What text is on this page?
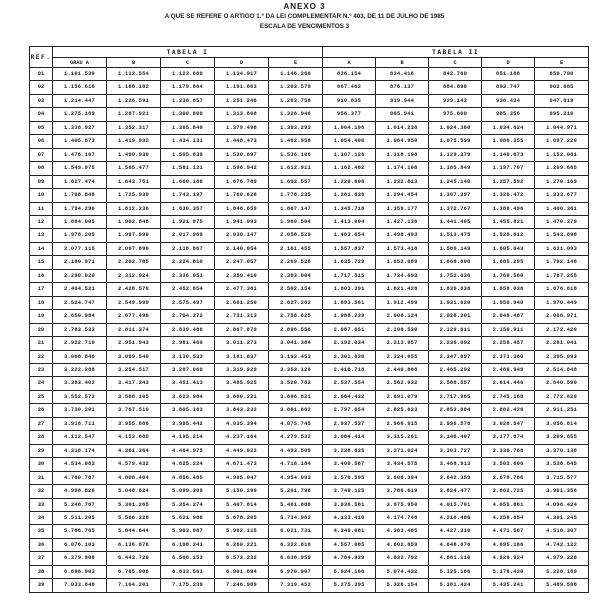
ANEXO 3
A QUE SE REFERE O ARTIGO 1.º DA LEI COMPLEMENTAR N.º 403, DE 11 DE JULHO DE 1985
ESCALA DE VENCIMENTOS 3
REF.	TABELA I					TABELA II				
	GRAU A	B	C	D	E	A	B	C	D	E
01	1.101.539	1.112.554	1.123.680	1.134.917	1.146.266	826.154	834.416	842.760	851.188	859.700
02	1.156.616	1.168.182	1.179.864	1.191.663	1.203.579	867.462	876.137	884.898	893.747	902.685
03	1.214.447	1.226.591	1.238.857	1.251.246	1.263.758	910.835	919.944	929.143	938.434	947.819
04	1.275.169	1.287.921	1.300.800	1.313.808	1.326.946	956.377	965.941	975.600	985.356	995.210
05	1.338.927	1.352.317	1.365.840	1.379.498	1.393.293	1.004.196	1.014.238	1.024.380	1.034.624	1.044.971
06	1.405.873	1.419.932	1.434.131	1.448.473	1.462.958	1.054.406	1.064.950	1.075.599	1.086.355	1.097.220
07	1.476.167	1.490.930	1.505.839	1.520.897	1.536.106	1.107.126	1.118.198	1.129.379	1.140.673	1.152.081
08	1.549.975	1.565.477	1.581.131	1.596.942	1.612.911	1.162.482	1.174.108	1.185.849	1.197.707	1.209.685
09	1.627.474	1.643.751	1.660.188	1.676.789	1.693.557	1.220.606	1.232.813	1.245.140	1.257.592	1.270.169
10	1.708.848	1.725.939	1.743.197	1.760.628	1.778.235	1.281.636	1.294.454	1.307.397	1.320.472	1.333.677
11	1.794.290	1.812.236	1.830.357	1.848.659	1.867.147	1.345.718	1.359.177	1.372.767	1.386.496	1.400.361
12	1.884.005	1.902.848	1.921.875	1.941.093	1.960.504	1.413.004	1.427.136	1.441.405	1.455.821	1.470.379
13	1.978.205	1.997.990	2.017.969	2.038.147	2.058.529	1.483.654	1.498.493	1.513.475	1.528.612	1.543.898
14	2.077.115	2.097.890	2.118.867	2.140.054	2.161.455	1.557.837	1.573.418	1.589.149	1.605.043	1.621.093
15	2.180.971	2.202.785	2.224.810	2.247.057	2.269.528	1.635.729	1.652.089	1.668.606	1.685.295	1.702.148
16	2.290.020	2.312.924	2.336.051	2.359.410	2.383.004	1.717.515	1.734.693	1.752.036	1.769.560	1.787.255
17	2.404.521	2.428.570	2.452.854	2.477.381	2.502.154	1.803.391	1.821.428	1.839.638	1.858.038	1.876.618
18	2.524.747	2.549.999	2.575.497	2.601.250	2.627.262	1.893.561	1.912.499	1.931.620	1.950.940	1.970.449
19	2.650.984	2.677.499	2.704.272	2.731.313	2.758.625	1.988.239	2.008.124	2.028.201	2.048.487	2.068.971
20	2.783.533	2.811.374	2.839.486	2.867.879	2.896.556	2.087.651	2.108.530	2.129.611	2.150.911	2.172.420
21	2.922.710	2.951.943	2.981.460	3.011.273	3.041.384	2.192.034	2.213.957	2.236.092	2.258.457	2.281.041
22	3.068.846	3.099.540	3.130.533	3.161.837	3.193.453	2.301.636	2.324.655	2.347.897	2.371.380	2.395.093
23	3.222.288	3.254.517	3.287.060	3.319.929	3.353.126	2.416.718	2.440.888	2.465.292	2.489.949	2.514.848
24	3.383.402	3.417.243	3.451.413	3.485.925	3.520.782	2.537.554	2.562.932	2.588.557	2.614.446	2.640.590
25	3.552.572	3.588.105	3.623.984	3.660.221	3.696.821	2.664.432	2.691.079	2.717.985	2.745.168	2.772.620
26	3.730.201	3.767.510	3.805.183	3.843.232	3.881.662	2.797.654	2.825.633	2.853.884	2.882.426	2.911.251
27	3.916.711	3.955.886	3.995.442	4.035.394	4.075.745	2.937.537	2.966.915	2.996.578	3.026.547	3.056.814
28	4.112.547	4.153.680	4.195.214	4.237.164	4.279.532	3.084.414	3.115.261	3.146.407	3.177.874	3.209.655
29	4.318.174	4.361.364	4.404.975	4.449.022	4.493.509	3.238.635	3.271.024	3.303.727	3.336.768	3.370.138
30	4.534.083	4.579.432	4.625.224	4.671.473	4.718.184	3.400.567	3.434.575	3.468.913	3.503.606	3.538.645
31	4.760.787	4.808.404	4.856.485	4.905.047	4.954.093	3.570.595	3.606.304	3.642.359	3.678.786	3.715.577
32	4.998.826	5.048.824	5.099.309	5.150.299	5.201.798	3.749.125	3.786.619	3.824.477	3.862.725	3.901.356
33	5.248.767	5.301.265	5.354.274	5.407.814	5.461.888	3.936.581	3.975.950	4.015.701	4.055.861	4.096.424
34	5.511.205	5.566.328	5.621.988	5.678.205	5.734.982	4.133.410	4.174.748	4.216.486	4.258.654	4.301.245
35	5.786.765	5.844.644	5.903.087	5.962.115	6.021.731	4.340.081	4.383.485	4.427.310	4.471.587	4.516.307
36	6.076.103	6.136.876	6.198.241	6.260.221	6.322.818	4.557.085	4.602.659	4.648.676	4.695.166	4.742.122
37	6.379.908	6.443.720	6.508.153	6.573.232	6.638.959	4.784.939	4.832.792	4.881.110	4.929.924	4.979.228
38	6.698.903	6.765.906	6.833.561	6.901.894	6.970.907	5.024.186	5.074.432	5.125.166	5.176.420	5.228.189
39	7.033.848	7.104.201	7.175.239	7.246.989	7.319.452	5.275.395	5.328.154	5.381.424	5.435.241	5.489.598
